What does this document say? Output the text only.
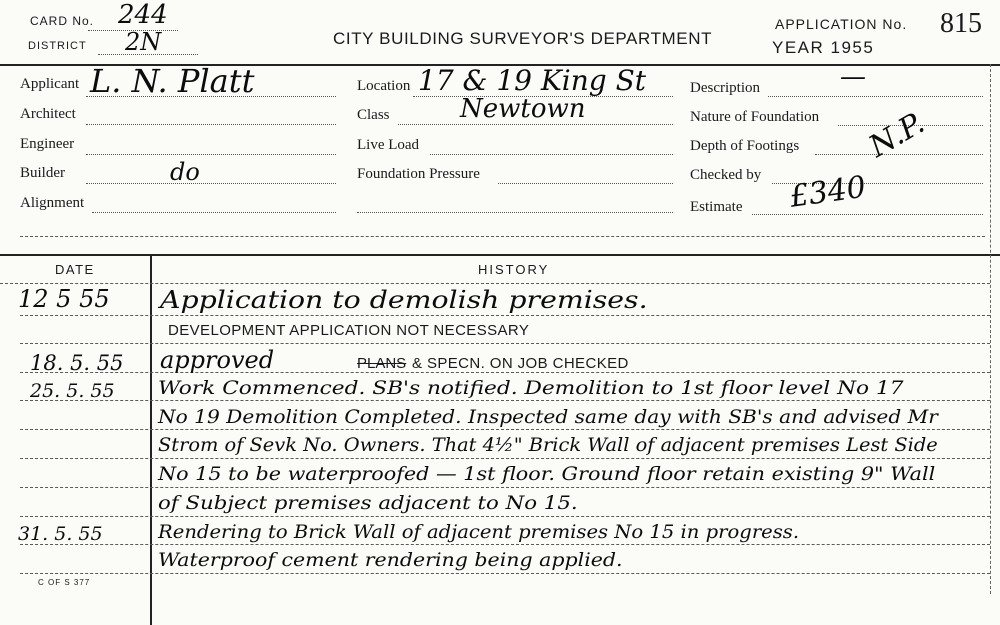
CARD No. 244
DISTRICT 2N	CITY BUILDING SURVEYOR'S DEPARTMENT
APPLICATION No. 815
YEAR 1955
Applicant L. N. Platt
Architect
Engineer
Builder	do
Alignment
Location 17 & 19 King St
Class	Newtown
Live Load
Foundation Pressure
Description	—
Nature of Foundation
Depth of Footings
Checked by
N.P.
Estimate £340
DATE	HISTORY
12 5 55 Application to demolish premises.
DEVELOPMENT APPLICATION NOT NECESSARY
18. 5. 55 approved	PLANS & SPECN. ON JOB CHECKED
25. 5. 55 Work Commenced. SB's notified. Demolition to 1st floor level No 17
No 19 Demolition Completed. Inspected same day with SB's and advised Mr
Strom of Sevk No. Owners. That 4½" Brick Wall of adjacent premises Lest Side
No 15 to be waterproofed — 1st floor. Ground floor retain existing 9" Wall
of Subject premises adjacent to No 15.
31. 5. 55	Rendering to Brick Wall of adjacent premises No 15 in progress.
Waterproof cement rendering being applied.
C OF S 377
